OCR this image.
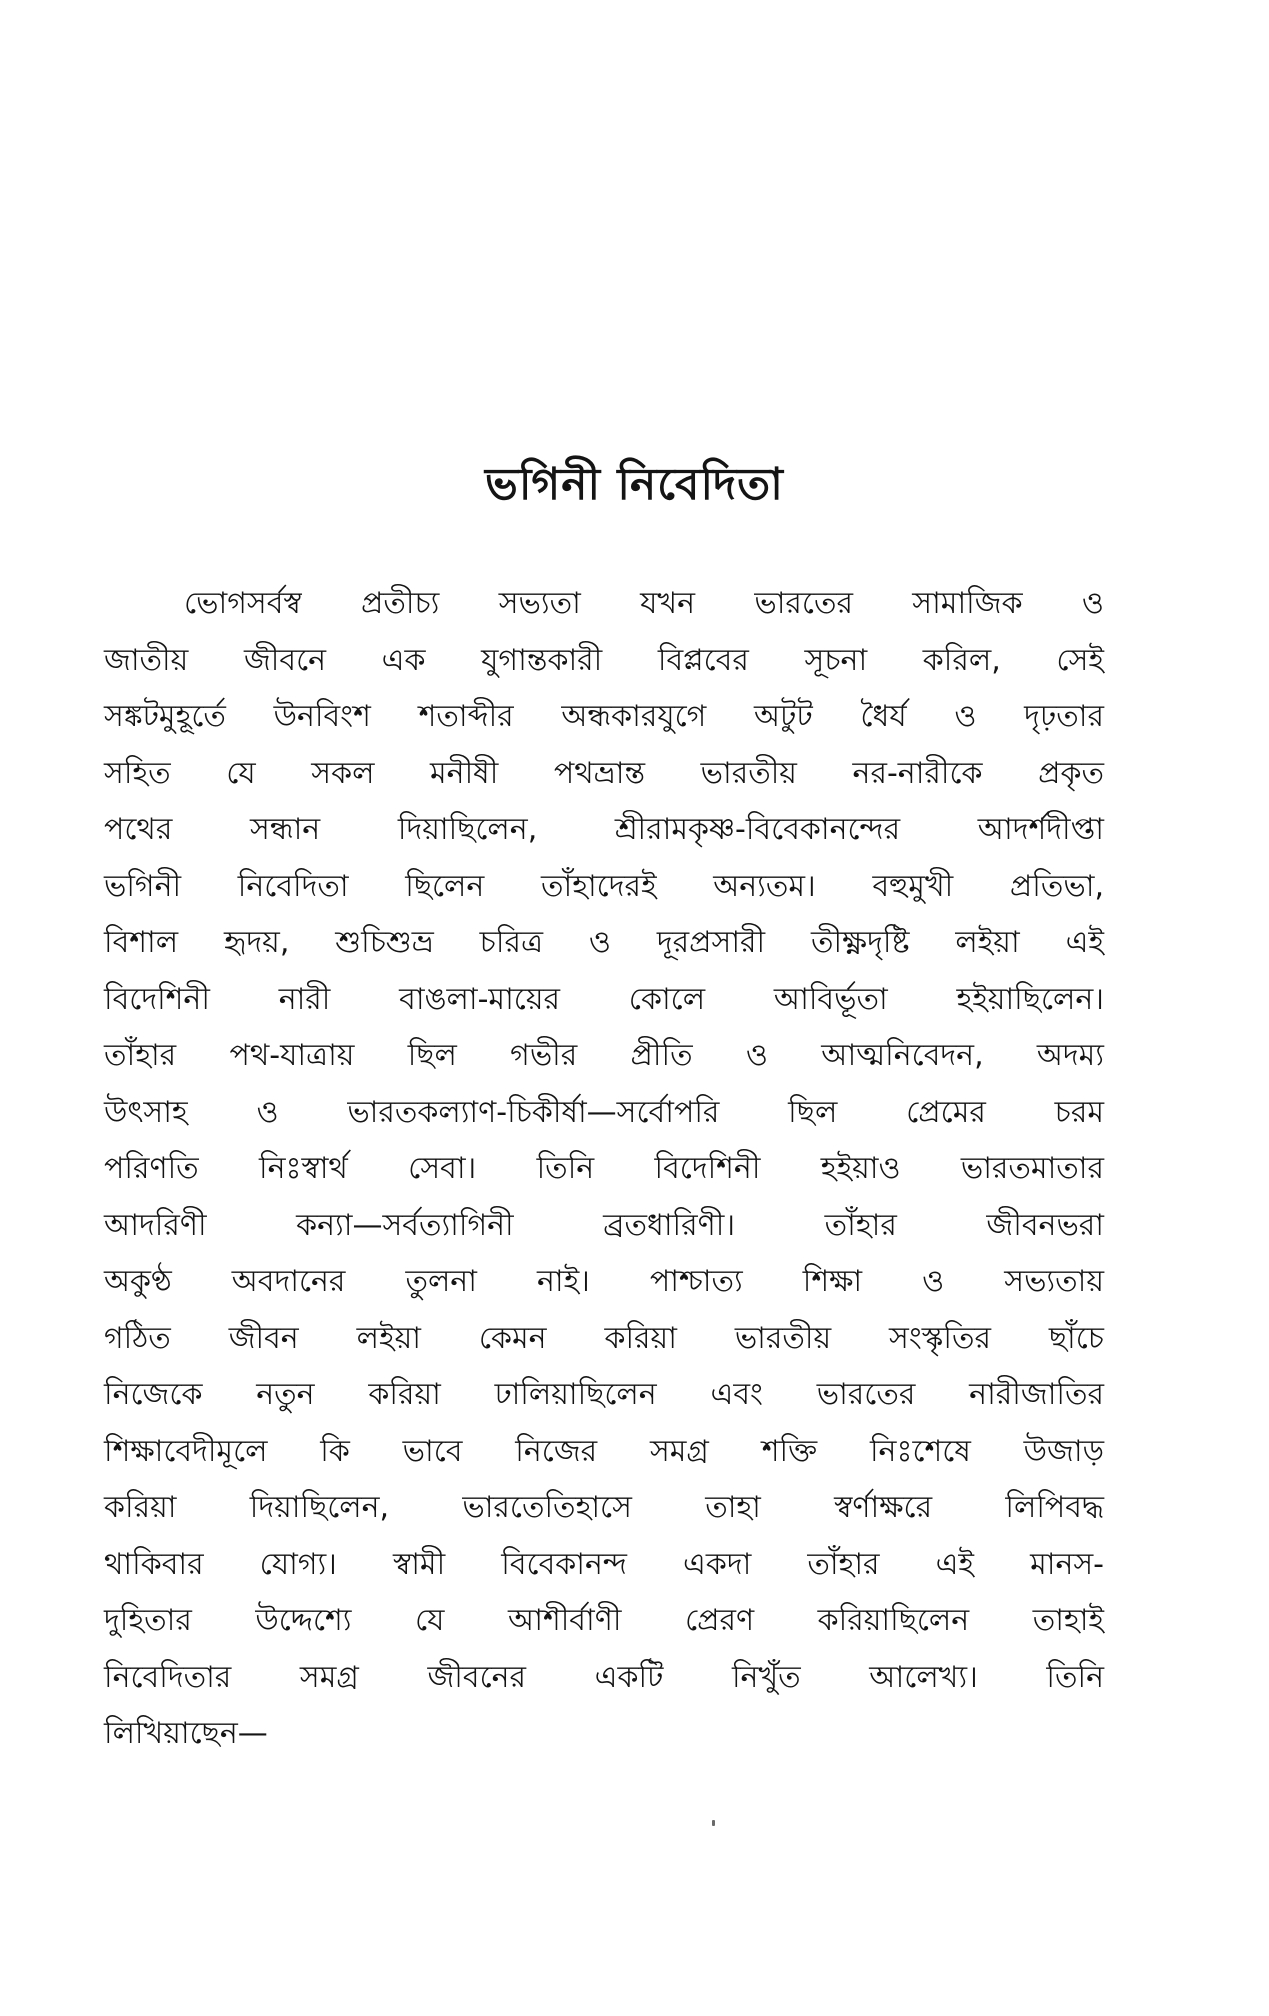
ভগিনী নিবেদিতা
ভোগসর্বস্ব প্রতীচ্য সভ্যতা যখন ভারতের সামাজিক ও
জাতীয় জীবনে এক যুগান্তকারী বিপ্লবের সূচনা করিল, সেই
সঙ্কটমুহূর্তে উনবিংশ শতাব্দীর অন্ধকারযুগে অটুট ধৈর্য ও দৃঢ়তার
সহিত যে সকল মনীষী পথভ্রান্ত ভারতীয় নর-নারীকে প্রকৃত
পথের সন্ধান দিয়াছিলেন, শ্রীরামকৃষ্ণ-বিবেকানন্দের আদর্শদীপ্তা
ভগিনী নিবেদিতা ছিলেন তাঁহাদেরই অন্যতম। বহুমুখী প্রতিভা,
বিশাল হৃদয়, শুচিশুভ্র চরিত্র ও দূরপ্রসারী তীক্ষ্ণদৃষ্টি লইয়া এই
বিদেশিনী নারী বাঙলা-মায়ের কোলে আবির্ভূতা হইয়াছিলেন।
তাঁহার পথ-যাত্রায় ছিল গভীর প্রীতি ও আত্মনিবেদন, অদম্য
উৎসাহ ও ভারতকল্যাণ-চিকীর্ষা—সর্বোপরি ছিল প্রেমের চরম
পরিণতি নিঃস্বার্থ সেবা। তিনি বিদেশিনী হইয়াও ভারতমাতার
আদরিণী কন্যা—সর্বত্যাগিনী ব্রতধারিণী। তাঁহার জীবনভরা
অকুণ্ঠ অবদানের তুলনা নাই। পাশ্চাত্য শিক্ষা ও সভ্যতায়
গঠিত জীবন লইয়া কেমন করিয়া ভারতীয় সংস্কৃতির ছাঁচে
নিজেকে নতুন করিয়া ঢালিয়াছিলেন এবং ভারতের নারীজাতির
শিক্ষাবেদীমূলে কি ভাবে নিজের সমগ্র শক্তি নিঃশেষে উজাড়
করিয়া দিয়াছিলেন, ভারতেতিহাসে তাহা স্বর্ণাক্ষরে লিপিবদ্ধ
থাকিবার যোগ্য। স্বামী বিবেকানন্দ একদা তাঁহার এই মানস-
দুহিতার উদ্দেশ্যে যে আশীর্বাণী প্রেরণ করিয়াছিলেন তাহাই
নিবেদিতার সমগ্র জীবনের একটি নিখুঁত আলেখ্য। তিনি
লিখিয়াছেন—
